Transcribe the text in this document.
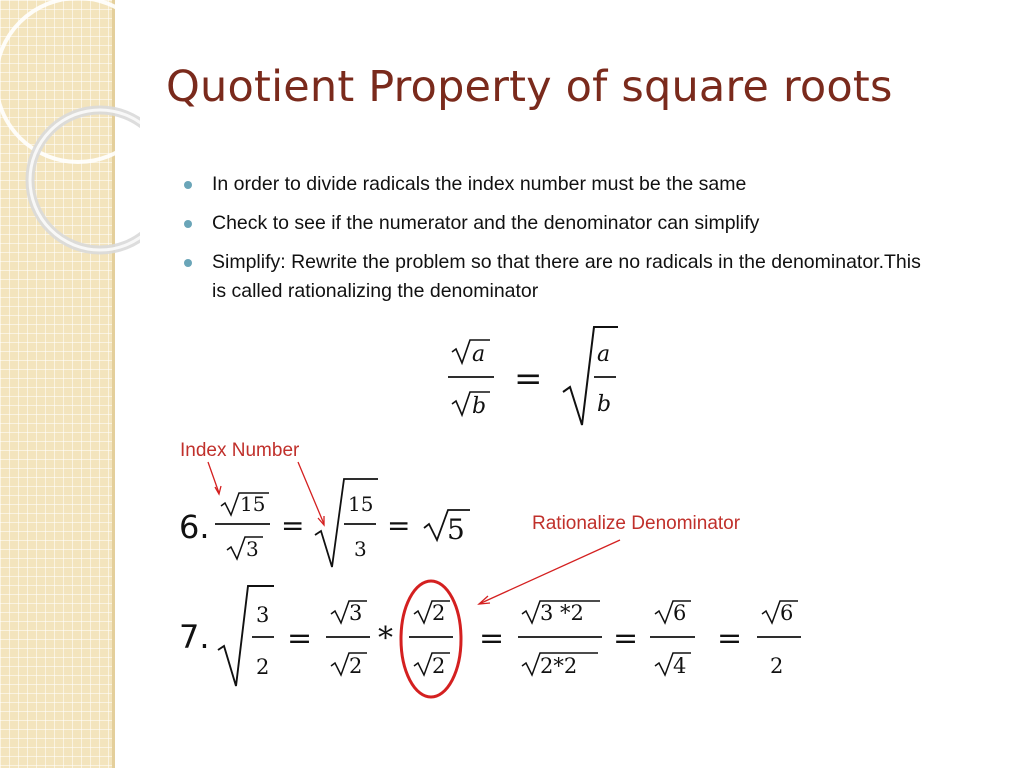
Quotient Property of square roots
In order to divide radicals the index number must be the same
Check to see if the numerator and the denominator can simplify
Simplify: Rewrite the problem so that there are no radicals in the denominator.This is called rationalizing the denominator
a
b
=
a
b
15
3
=
15
3
= 5
3
2
=
3
2
*
2
2
=
3 *2
2*2
=
6
4
=
6
2
Index Number
Rationalize Denominator
6.
7.
